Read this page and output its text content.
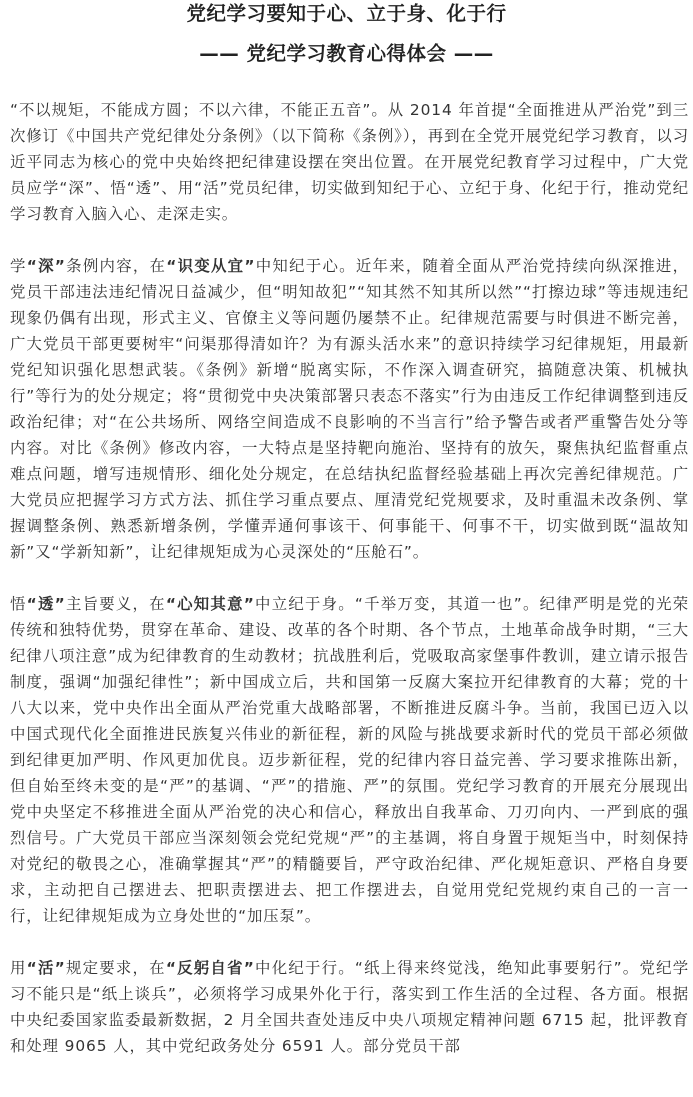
党纪学习要知于心、立于身、化于行
—— 党纪学习教育心得体会 ——

“不以规矩，不能成方圆；不以六律，不能正五音”。从 2014 年首提“全面推进从严治党”到三次修订《中国共产党纪律处分条例》（以下简称《条例》），再到在全党开展党纪学习教育，以习近平同志为核心的党中央始终把纪律建设摆在突出位置。在开展党纪教育学习过程中，广大党员应学“深”、悟“透”、用“活”党员纪律，切实做到知纪于心、立纪于身、化纪于行，推动党纪学习教育入脑入心、走深走实。

学“深”条例内容，在“识变从宜”中知纪于心。近年来，随着全面从严治党持续向纵深推进，党员干部违法违纪情况日益减少，但“明知故犯”“知其然不知其所以然”“打擦边球”等违规违纪现象仍偶有出现，形式主义、官僚主义等问题仍屡禁不止。纪律规范需要与时俱进不断完善，广大党员干部更要树牢“问渠那得清如许？为有源头活水来”的意识持续学习纪律规矩，用最新党纪知识强化思想武装。《条例》新增“脱离实际，不作深入调查研究，搞随意决策、机械执行”等行为的处分规定；将“贯彻党中央决策部署只表态不落实”行为由违反工作纪律调整到违反政治纪律；对“在公共场所、网络空间造成不良影响的不当言行”给予警告或者严重警告处分等内容。对比《条例》修改内容，一大特点是坚持靶向施治、坚持有的放矢，聚焦执纪监督重点难点问题，增写违规情形、细化处分规定，在总结执纪监督经验基础上再次完善纪律规范。广大党员应把握学习方式方法、抓住学习重点要点、厘清党纪党规要求，及时重温未改条例、掌握调整条例、熟悉新增条例，学懂弄通何事该干、何事能干、何事不干，切实做到既“温故知新”又“学新知新”，让纪律规矩成为心灵深处的“压舱石”。

悟“透”主旨要义，在“心知其意”中立纪于身。“千举万变，其道一也”。纪律严明是党的光荣传统和独特优势，贯穿在革命、建设、改革的各个时期、各个节点，土地革命战争时期，“三大纪律八项注意”成为纪律教育的生动教材；抗战胜利后，党吸取高家堡事件教训，建立请示报告制度，强调“加强纪律性”；新中国成立后，共和国第一反腐大案拉开纪律教育的大幕；党的十八大以来，党中央作出全面从严治党重大战略部署，不断推进反腐斗争。当前，我国已迈入以中国式现代化全面推进民族复兴伟业的新征程，新的风险与挑战要求新时代的党员干部必须做到纪律更加严明、作风更加优良。迈步新征程，党的纪律内容日益完善、学习要求推陈出新，但自始至终未变的是“严”的基调、“严”的措施、严”的氛围。党纪学习教育的开展充分展现出党中央坚定不移推进全面从严治党的决心和信心，释放出自我革命、刀刃向内、一严到底的强烈信号。广大党员干部应当深刻领会党纪党规“严”的主基调，将自身置于规矩当中，时刻保持对党纪的敬畏之心，准确掌握其“严”的精髓要旨，严守政治纪律、严化规矩意识、严格自身要求，主动把自己摆进去、把职责摆进去、把工作摆进去，自觉用党纪党规约束自己的一言一行，让纪律规矩成为立身处世的“加压泵”。

用“活”规定要求，在“反躬自省”中化纪于行。“纸上得来终觉浅，绝知此事要躬行”。党纪学习不能只是“纸上谈兵”，必须将学习成果外化于行，落实到工作生活的全过程、各方面。根据中央纪委国家监委最新数据，2 月全国共查处违反中央八项规定精神问题 6715 起，批评教育和处理 9065 人，其中党纪政务处分 6591 人。部分党员干部
